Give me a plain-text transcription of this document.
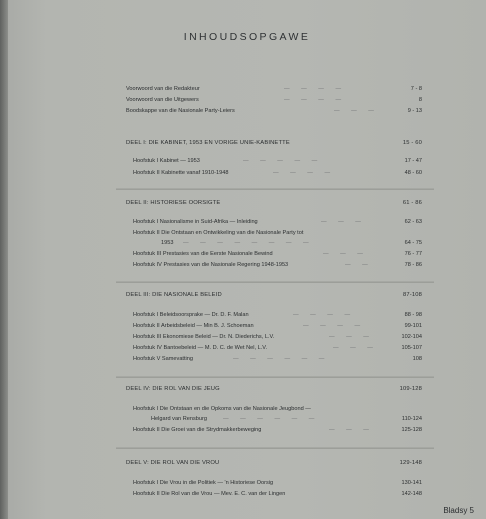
INHOUDSOPGAWE
Voorwoord van die Redakteur	— — — —	7 - 8
Voorwoord van die Uitgewers	— — — —	8
Boodskappe van die Nasionale Party-Leiers	— — —	9 - 13
DEEL I: DIE KABINET, 1953 EN VORIGE UNIE-KABINETTE	15 - 60
Hoofstuk I Kabinet — 1953	— — — — —	17 - 47
Hoofstuk II Kabinette vanaf 1910-1948	— — — —	48 - 60
DEEL II: HISTORIESE OORSIGTE	61 - 86
Hoofstuk I Nasionalisme in Suid-Afrika — Inleiding	— — —	62 - 63
Hoofstuk II Die Ontstaan en Ontwikkeling van die Nasionale Party tot
1953 — — — — — — — —	64 - 75
Hoofstuk III Prestasies van die Eerste Nasionale Bewind	— — —	76 - 77
Hoofstuk IV Prestasies van die Nasionale Regering 1948-1953	— —	78 - 86
DEEL III: DIE NASIONALE BELEID	87-108
Hoofstuk I Beleidsoorsprake — Dr. D. F. Malan	— — — —	88 - 98
Hoofstuk II Arbeidsbeleid — Min B. J. Schoeman	— — — —	99-101
Hoofstuk III Ekonomiese Beleid — Dr. N. Diederichs, L.V.	— — —	102-104
Hoofstuk IV Bantoebeleid — M. D. C. de Wet Nel, L.V.	— — —	105-107
Hoofstuk V Samevatting	— — — — — —	108
DEEL IV: DIE ROL VAN DIE JEUG	109-128
Hoofstuk I Die Ontstaan en die Opkoms van die Nasionale Jeugbond —
Helgard van Rensburg	— — — — — —	110-124
Hoofstuk II Die Groei van die Strydmakkerbeweging	— — —	125-128
DEEL V: DIE ROL VAN DIE VROU	129-148
Hoofstuk I Die Vrou in die Politiek — 'n Historiese Oorsig	130-141
Hoofstuk II Die Rol van die Vrou — Mev. E. C. van der Lingen	142-148
Bladsy 5
